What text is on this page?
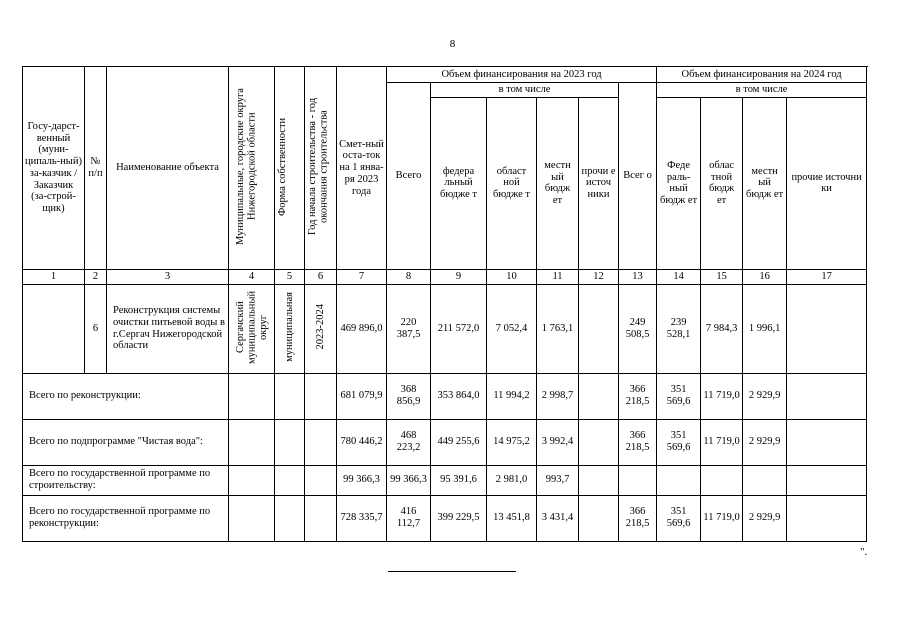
8
Госу-дарст-венный (муни-ципаль-ный) за-казчик / Заказчик (за-строй-щик)	№ п/п	Наименование объекта	Муниципальные, городские округа Нижегородской области	Форма собственности	Год начала строительства - год окончания строительства	Смет-ный оста-ток на 1 янва-ря 2023 года	Объем финансирования на 2023 год						Объем финансирования на 2024 год			
							Всего	в том числе				Всег о	в том числе			
								федера льный бюдже т	област ной бюдже т	местн ый бюдж ет	прочи е источ ники		Феде раль-ный бюдж ет	облас тной бюдж ет	местн ый бюдж ет	прочие источни ки
1	2	3	4	5	6	7	8	9	10	11	12	13	14	15	16	17
	6	Реконструкция системы очистки питьевой воды в г.Сергач Нижегородской области	Сергачский муниципальный округ	муниципальная	2023-2024	469 896,0	220 387,5	211 572,0	7 052,4	1 763,1		249 508,5	239 528,1	7 984,3	1 996,1	
Всего по реконструкции:						681 079,9	368 856,9	353 864,0	11 994,2	2 998,7		366 218,5	351 569,6	11 719,0	2 929,9	
Всего по подпрограмме "Чистая вода":						780 446,2	468 223,2	449 255,6	14 975,2	3 992,4		366 218,5	351 569,6	11 719,0	2 929,9	
Всего по государственной программе по строительству:						99 366,3	99 366,3	95 391,6	2 981,0	993,7						
Всего по государственной программе по реконструкции:						728 335,7	416 112,7	399 229,5	13 451,8	3 431,4		366 218,5	351 569,6	11 719,0	2 929,9	
".
